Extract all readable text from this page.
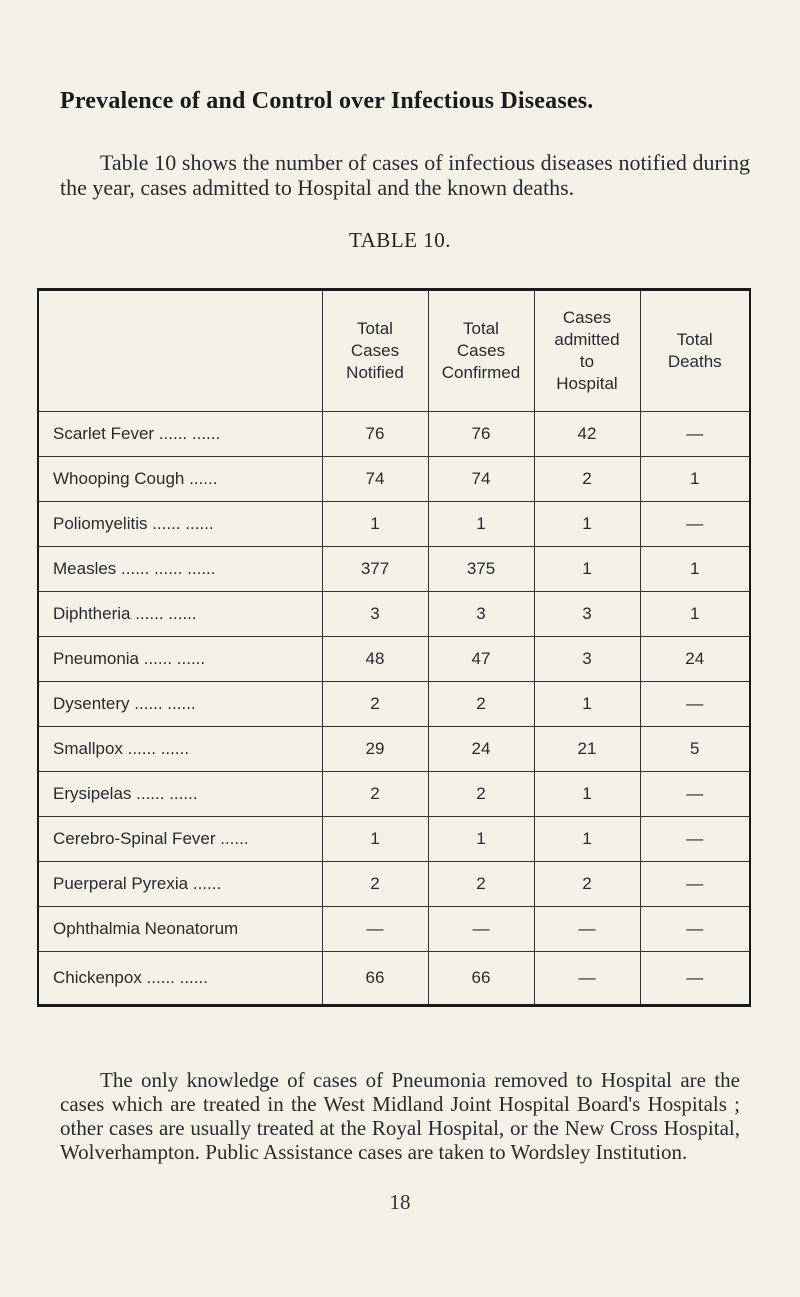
Prevalence of and Control over Infectious Diseases.
Table 10 shows the number of cases of infectious diseases notified during the year, cases admitted to Hospital and the known deaths.
TABLE 10.

	Total
Cases
Notified	Total
Cases
Confirmed	Cases
admitted
to
Hospital	Total
Deaths

Scarlet Fever ...... ......	76	76	42	—
Whooping Cough ......	74	74	2	1
Poliomyelitis ...... ......	1	1	1	—
Measles ...... ...... ......	377	375	1	1
Diphtheria ...... ......	3	3	3	1
Pneumonia ...... ......	48	47	3	24
Dysentery ...... ......	2	2	1	—
Smallpox ...... ......	29	24	21	5
Erysipelas ...... ......	2	2	1	—
Cerebro-Spinal Fever ......	1	1	1	—
Puerperal Pyrexia ......	2	2	2	—
Ophthalmia Neonatorum	—	—	—	—
Chickenpox ...... ......	66	66	—	—
The only knowledge of cases of Pneumonia removed to Hospital are the cases which are treated in the West Midland Joint Hospital Board's Hospitals ; other cases are usually treated at the Royal Hospital, or the New Cross Hospital, Wolverhampton. Public Assistance cases are taken to Wordsley Institution.
18
